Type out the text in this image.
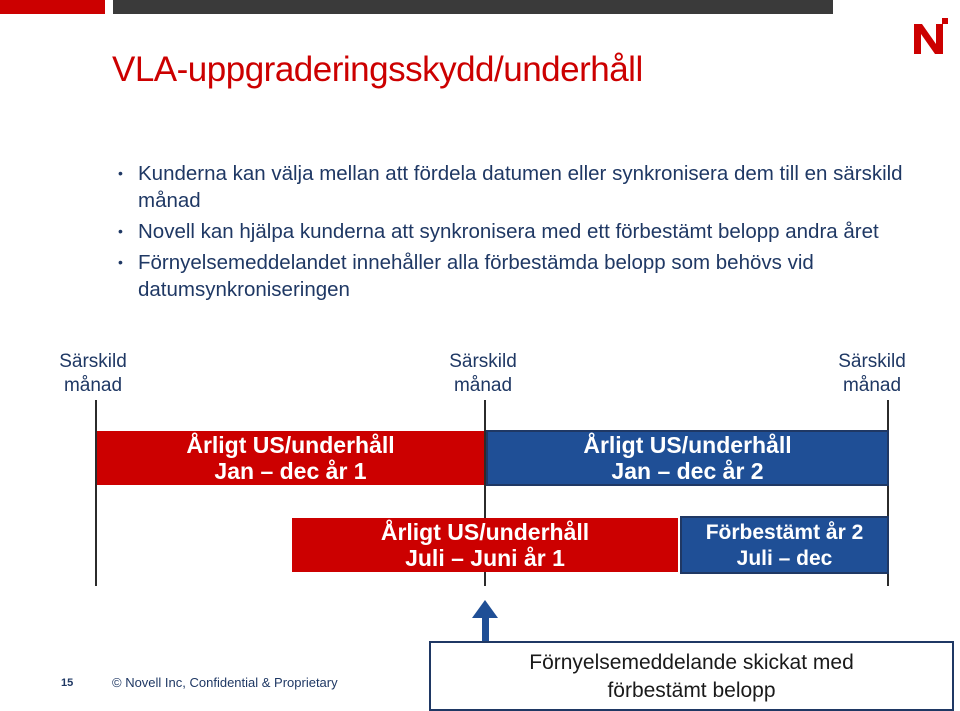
VLA-uppgraderingsskydd/underhåll
• Kunderna kan välja mellan att fördela datumen eller synkronisera dem till en särskild månad
• Novell kan hjälpa kunderna att synkronisera med ett förbestämt belopp andra året
• Förnyelsemeddelandet innehåller alla förbestämda belopp som behövs vid datumsynkroniseringen
Särskild
månad
Särskild
månad
Särskild
månad
Årligt US/underhåll
Jan – dec år 1
Årligt US/underhåll
Jan – dec år 2
Årligt US/underhåll
Juli – Juni år 1
Förbestämt år 2
Juli – dec
Förnyelsemeddelande skickat med
förbestämt belopp
15	© Novell Inc, Confidential & Proprietary
